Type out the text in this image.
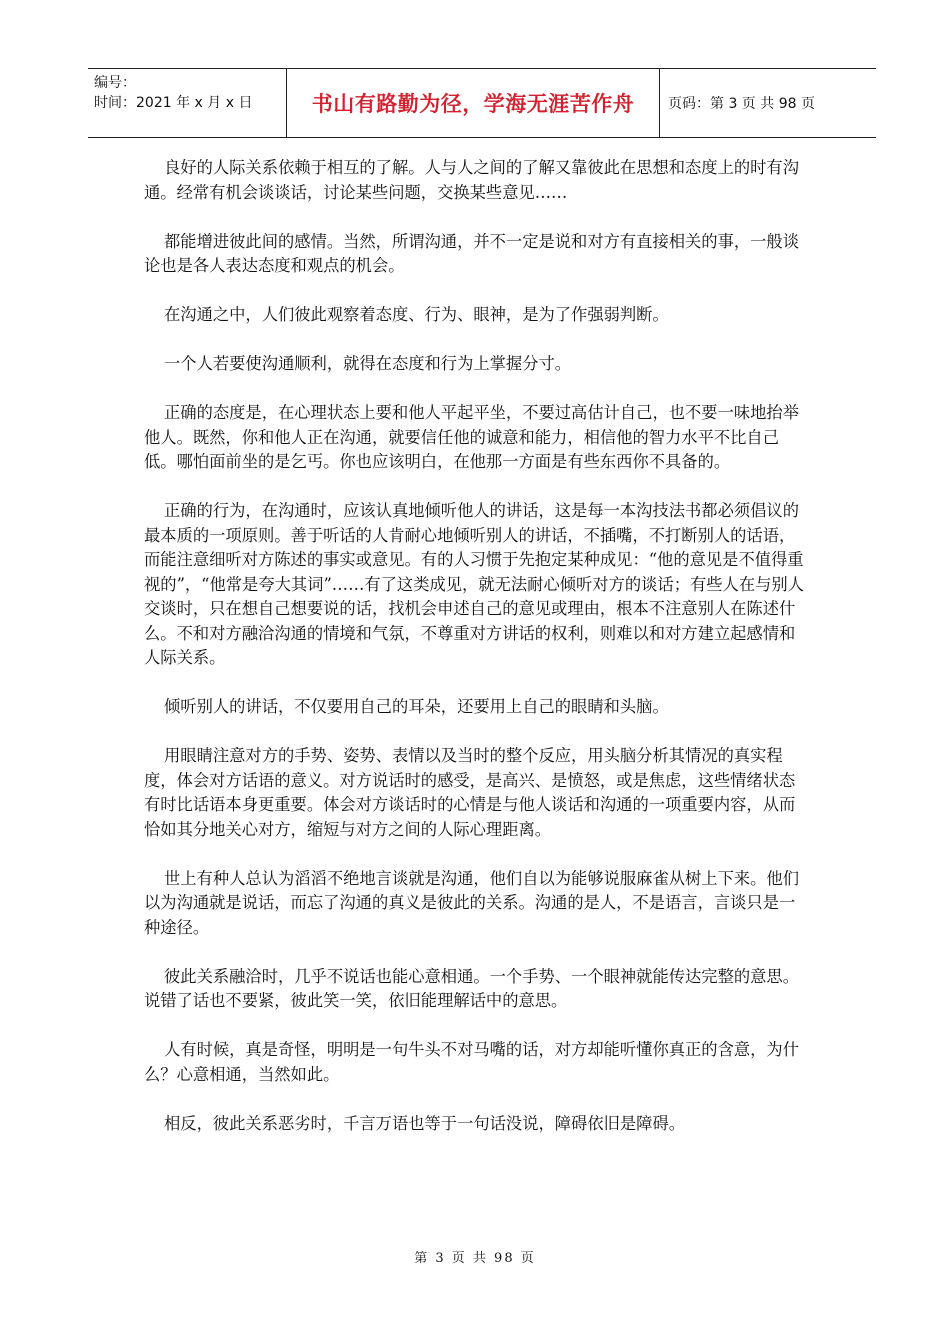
编号：
时间：2021 年 x 月 x 日	书山有路勤为径，学海无涯苦作舟	页码：第 3 页 共 98 页

良好的人际关系依赖于相互的了解。人与人之间的了解又靠彼此在思想和态度上的时有沟通。经常有机会谈谈话，讨论某些问题，交换某些意见……

都能增进彼此间的感情。当然，所谓沟通，并不一定是说和对方有直接相关的事，一般谈论也是各人表达态度和观点的机会。

在沟通之中，人们彼此观察着态度、行为、眼神，是为了作强弱判断。

一个人若要使沟通顺利，就得在态度和行为上掌握分寸。

正确的态度是，在心理状态上要和他人平起平坐，不要过高估计自己，也不要一味地抬举他人。既然，你和他人正在沟通，就要信任他的诚意和能力，相信他的智力水平不比自己低。哪怕面前坐的是乞丐。你也应该明白，在他那一方面是有些东西你不具备的。

正确的行为，在沟通时，应该认真地倾听他人的讲话，这是每一本沟技法书都必须倡议的最本质的一项原则。善于听话的人肯耐心地倾听别人的讲话，不插嘴，不打断别人的话语，而能注意细听对方陈述的事实或意见。有的人习惯于先抱定某种成见：“他的意见是不值得重视的”，“他常是夸大其词”……有了这类成见，就无法耐心倾听对方的谈话；有些人在与别人交谈时，只在想自己想要说的话，找机会申述自己的意见或理由，根本不注意别人在陈述什么。不和对方融洽沟通的情境和气氛，不尊重对方讲话的权利，则难以和对方建立起感情和人际关系。

倾听别人的讲话，不仅要用自己的耳朵，还要用上自己的眼睛和头脑。

用眼睛注意对方的手势、姿势、表情以及当时的整个反应，用头脑分析其情况的真实程度，体会对方话语的意义。对方说话时的感受，是高兴、是愤怒，或是焦虑，这些情绪状态有时比话语本身更重要。体会对方谈话时的心情是与他人谈话和沟通的一项重要内容，从而恰如其分地关心对方，缩短与对方之间的人际心理距离。

世上有种人总认为滔滔不绝地言谈就是沟通，他们自以为能够说服麻雀从树上下来。他们以为沟通就是说话，而忘了沟通的真义是彼此的关系。沟通的是人，不是语言，言谈只是一种途径。

彼此关系融洽时，几乎不说话也能心意相通。一个手势、一个眼神就能传达完整的意思。说错了话也不要紧，彼此笑一笑，依旧能理解话中的意思。

人有时候，真是奇怪，明明是一句牛头不对马嘴的话，对方却能听懂你真正的含意，为什么？心意相通，当然如此。

相反，彼此关系恶劣时，千言万语也等于一句话没说，障碍依旧是障碍。

第 3 页 共 98 页
